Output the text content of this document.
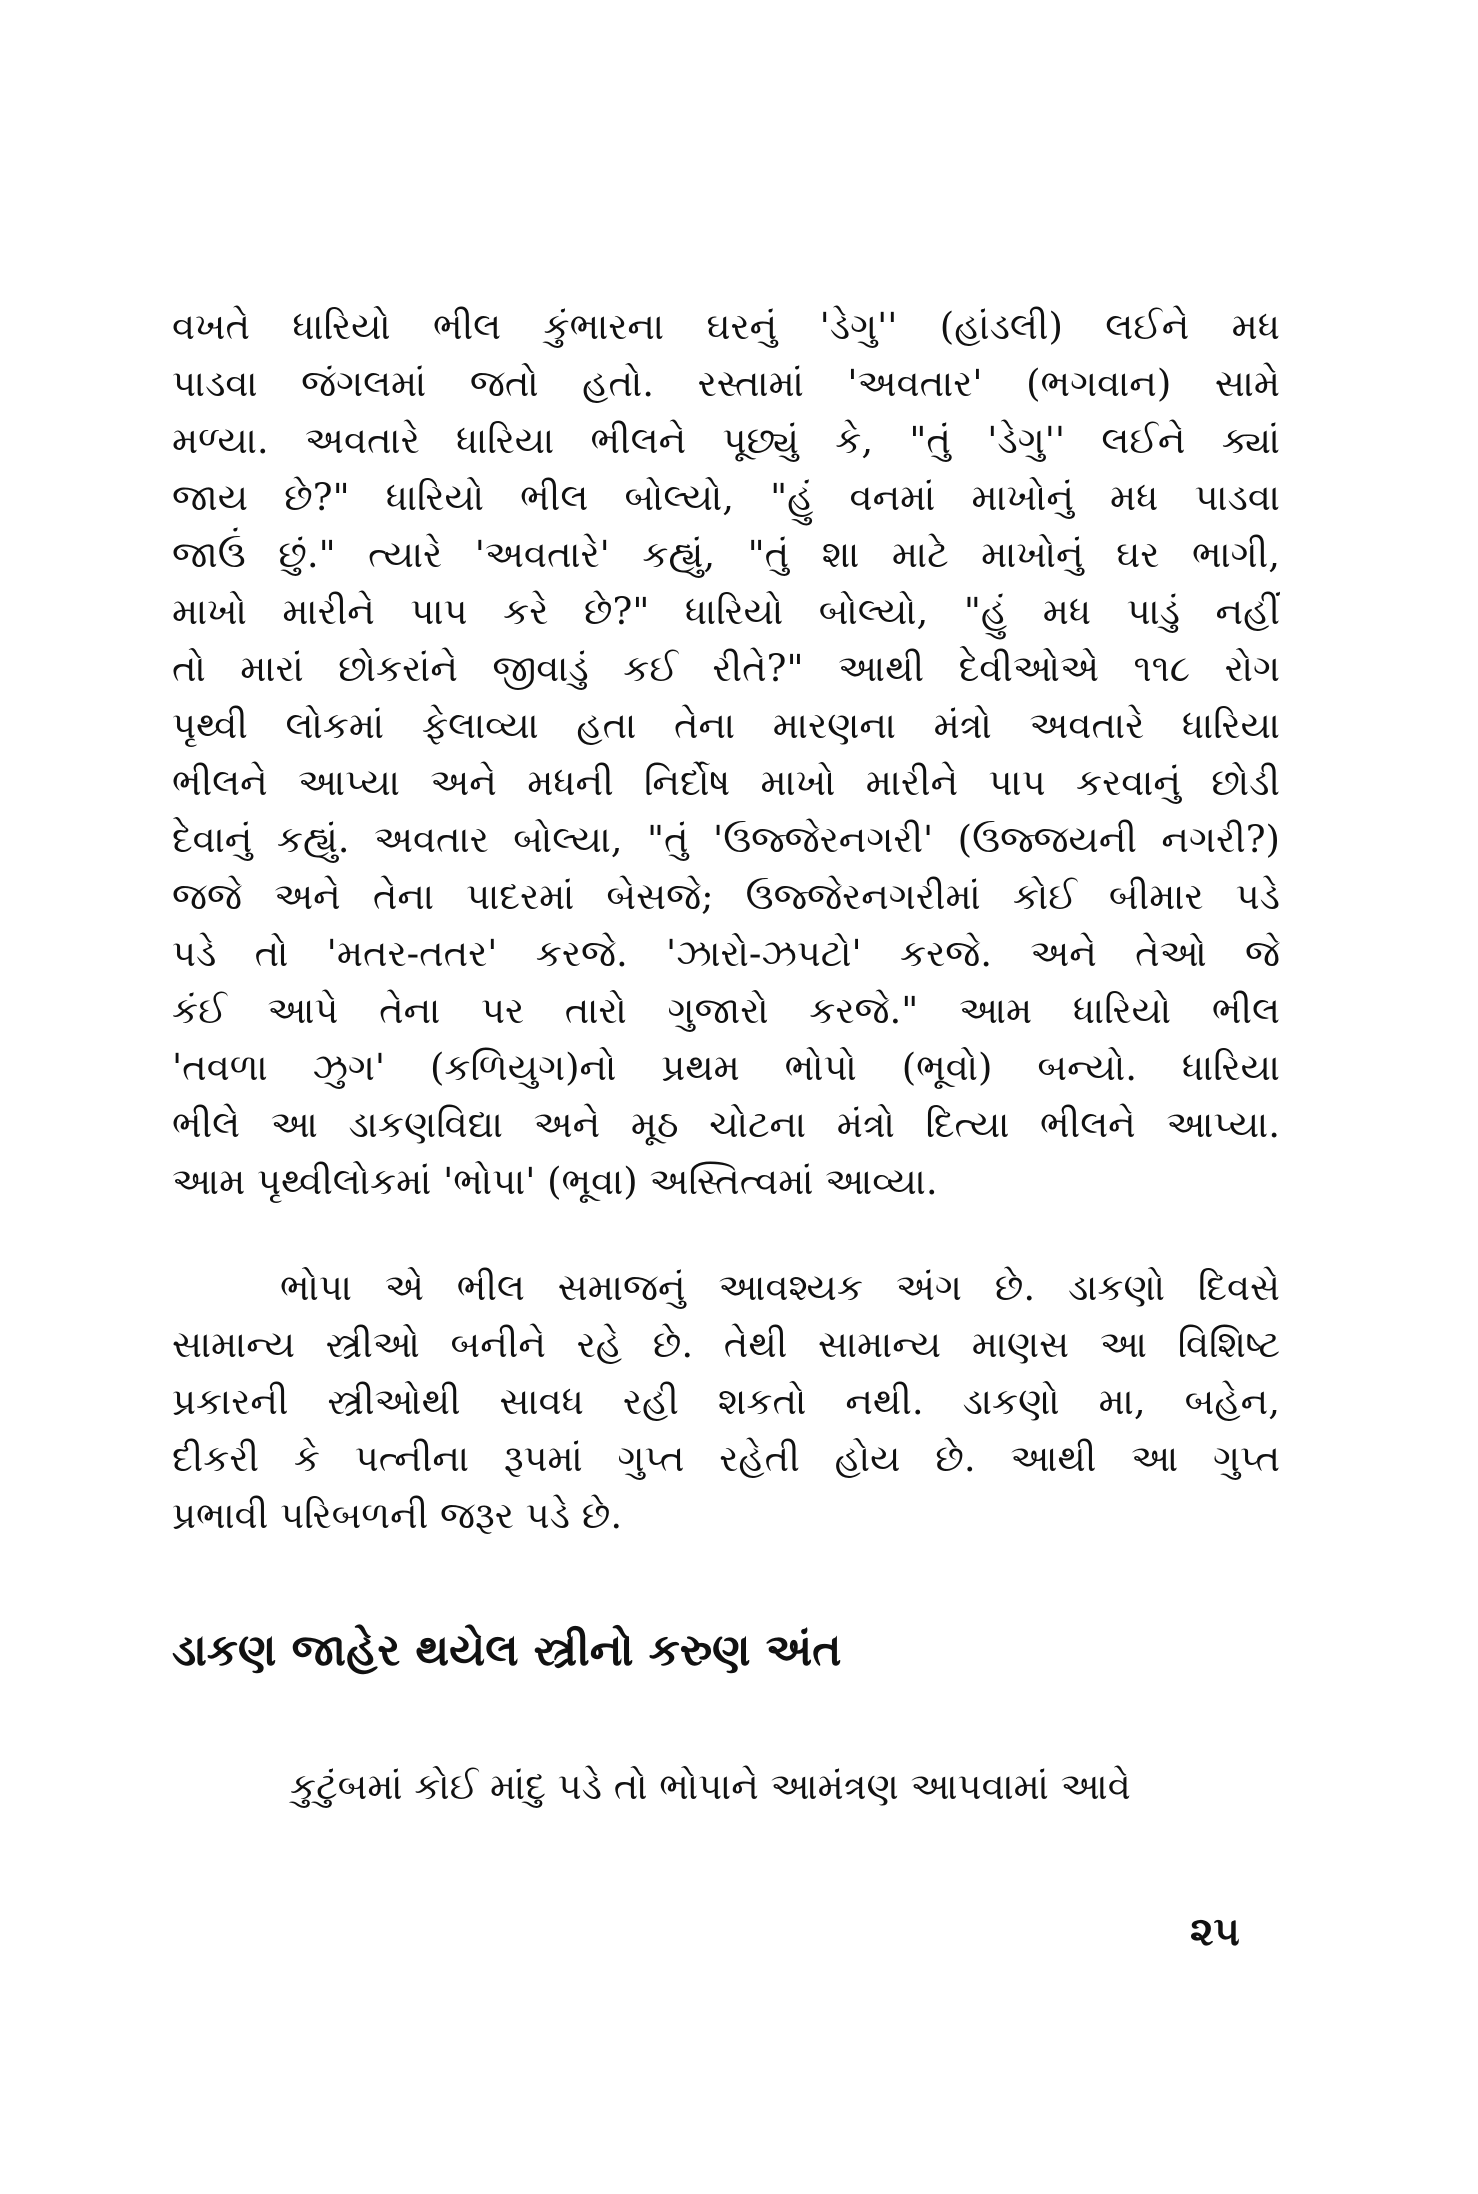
વખતે ધારિયો ભીલ કુંભારના ઘરનું 'ડેગુ'' (હાંડલી) લઈને મધ
પાડવા જંગલમાં જતો હતો. રસ્તામાં 'અવતાર' (ભગવાન) સામે
મળ્યા. અવતારે ધારિયા ભીલને પૂછ્યું કે, "તું 'ડેગુ'' લઈને ક્યાં
જાય છે?" ધારિયો ભીલ બોલ્યો, "હું વનમાં માખોનું મધ પાડવા
જાઉં છું." ત્યારે 'અવતારે' કહ્યું, "તું શા માટે માખોનું ઘર ભાગી,
માખો મારીને પાપ કરે છે?" ધારિયો બોલ્યો, "હું મધ પાડું નહીં
તો મારાં છોકરાંને જીવાડું કઈ રીતે?" આથી દેવીઓએ ૧૧૮ રોગ
પૃથ્વી લોકમાં ફેલાવ્યા હતા તેના મારણના મંત્રો અવતારે ધારિયા
ભીલને આપ્યા અને મધની નિર્દોષ માખો મારીને પાપ કરવાનું છોડી
દેવાનું કહ્યું. અવતાર બોલ્યા, "તું 'ઉજ્જેરનગરી' (ઉજ્જયની નગરી?)
જજે અને તેના પાદરમાં બેસજે; ઉજ્જેરનગરીમાં કોઈ બીમાર પડે
પડે તો 'મતર-તતર' કરજે. 'ઝારો-ઝપટો' કરજે. અને તેઓ જે
કંઈ આપે તેના પર તારો ગુજારો કરજે." આમ ધારિયો ભીલ
'તવળા ઝુગ' (કળિયુગ)નો પ્રથમ ભોપો (ભૂવો) બન્યો. ધારિયા
ભીલે આ ડાકણવિદ્યા અને મૂઠ ચોટના મંત્રો દિત્યા ભીલને આપ્યા.
આમ પૃથ્વીલોકમાં 'ભોપા' (ભૂવા) અસ્તિત્વમાં આવ્યા.
ભોપા એ ભીલ સમાજનું આવશ્યક અંગ છે. ડાકણો દિવસે
સામાન્ય સ્ત્રીઓ બનીને રહે છે. તેથી સામાન્ય માણસ આ વિશિષ્ટ
પ્રકારની સ્ત્રીઓથી સાવધ રહી શકતો નથી. ડાકણો મા, બહેન,
દીકરી કે પત્નીના રૂપમાં ગુપ્ત રહેતી હોય છે. આથી આ ગુપ્ત
પ્રભાવી પરિબળની જરૂર પડે છે.
ડાકણ જાહેર થયેલ સ્ત્રીનો કરુણ અંત
કુટુંબમાં કોઈ માંદુ પડે તો ભોપાને આમંત્રણ આપવામાં આવે

૨૫
